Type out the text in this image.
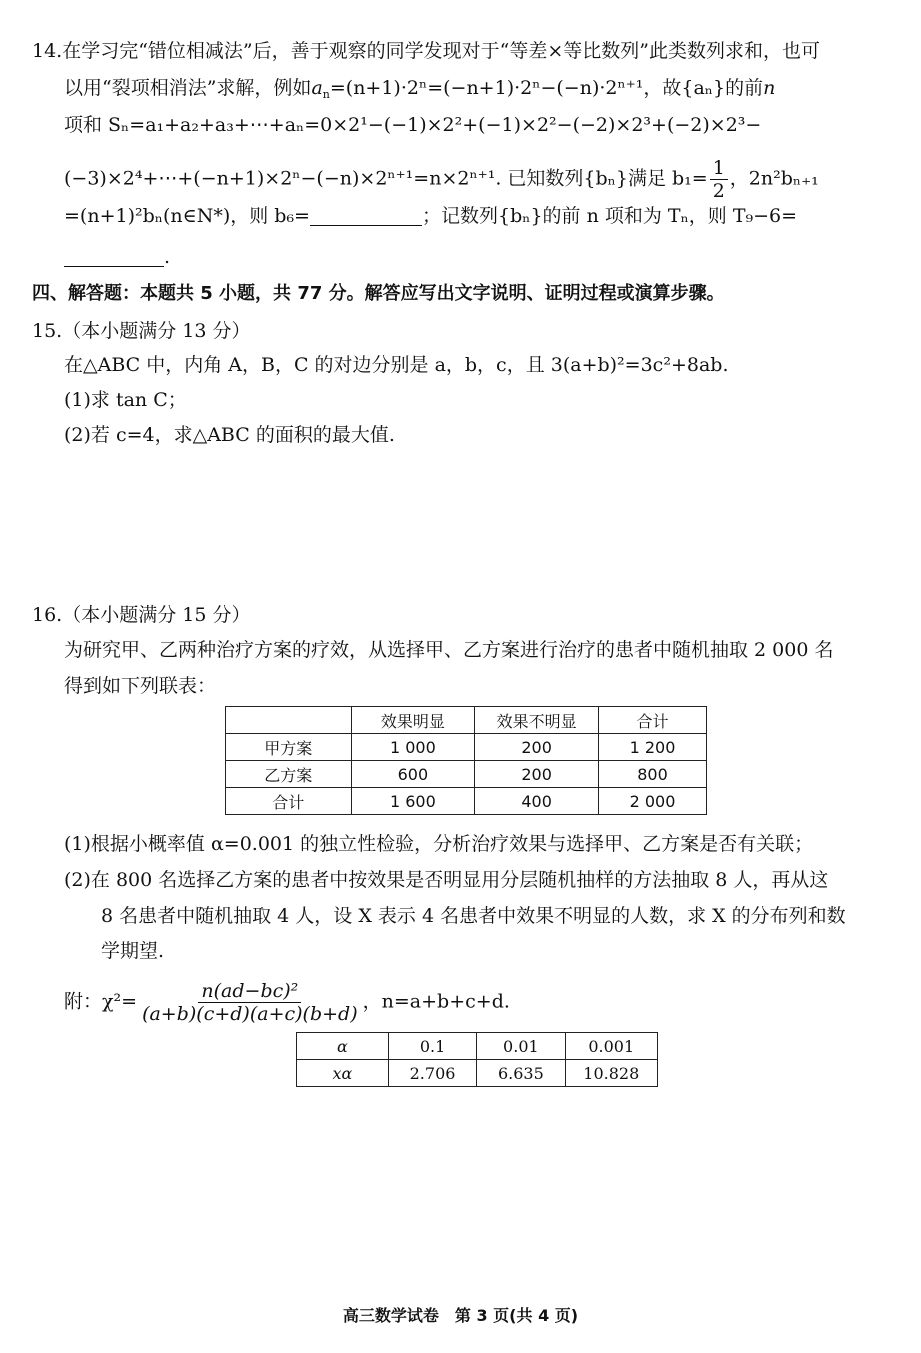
14.在学习完“错位相减法”后，善于观察的同学发现对于“等差×等比数列”此类数列求和，也可
以用“裂项相消法”求解，例如$a_n=(n+1)\cdot 2^n=(-n+1)\cdot 2^n-(-n)\cdot 2^{n+1}$，故{aₙ}的前n
项和 Sₙ=a₁+a₂+a₃+⋯+aₙ=0×2¹−(−1)×2²+(−1)×2²−(−2)×2³+(−2)×2³−
(−3)×2⁴+⋯+(−n+1)×2ⁿ−(−n)×2ⁿ⁺¹=n×2ⁿ⁺¹. 已知数列{bₙ}满足 $b_1= \frac{1}{2}$ ，2n²bₙ₊₁
=(n+1)²bₙ(n∈N*)，则 b₆=	；记数列{bₙ}的前 n 项和为 Tₙ，则 T₉−6=
.
四、解答题：本题共 5 小题，共 77 分。解答应写出文字说明、证明过程或演算步骤。
15.（本小题满分 13 分）
在△ABC 中，内角 A，B，C 的对边分别是 a，b，c，且 3(a+b)²=3c²+8ab.
(1)求 tan C；
(2)若 c=4，求△ABC 的面积的最大值.
16.（本小题满分 15 分）
为研究甲、乙两种治疗方案的疗效，从选择甲、乙方案进行治疗的患者中随机抽取 2 000 名
得到如下列联表：
	效果明显	效果不明显	合计
甲方案	1 000	200	1 200
乙方案	600	200	800
合计	1 600	400	2 000
(1)根据小概率值 α=0.001 的独立性检验，分析治疗效果与选择甲、乙方案是否有关联；
(2)在 800 名选择乙方案的患者中按效果是否明显用分层随机抽样的方法抽取 8 人，再从这
8 名患者中随机抽取 4 人，设 X 表示 4 名患者中效果不明显的人数，求 X 的分布列和数
学期望.
附：$\chi^2= \frac{\text{n(ad−bc)²}}{(a+b)(c+d)(a+c)(b+d)}$ ，n=a+b+c+d.
α	0.1	0.01	0.001
xα	2.706	6.635	10.828
高三数学试卷　第 3 页(共 4 页)
